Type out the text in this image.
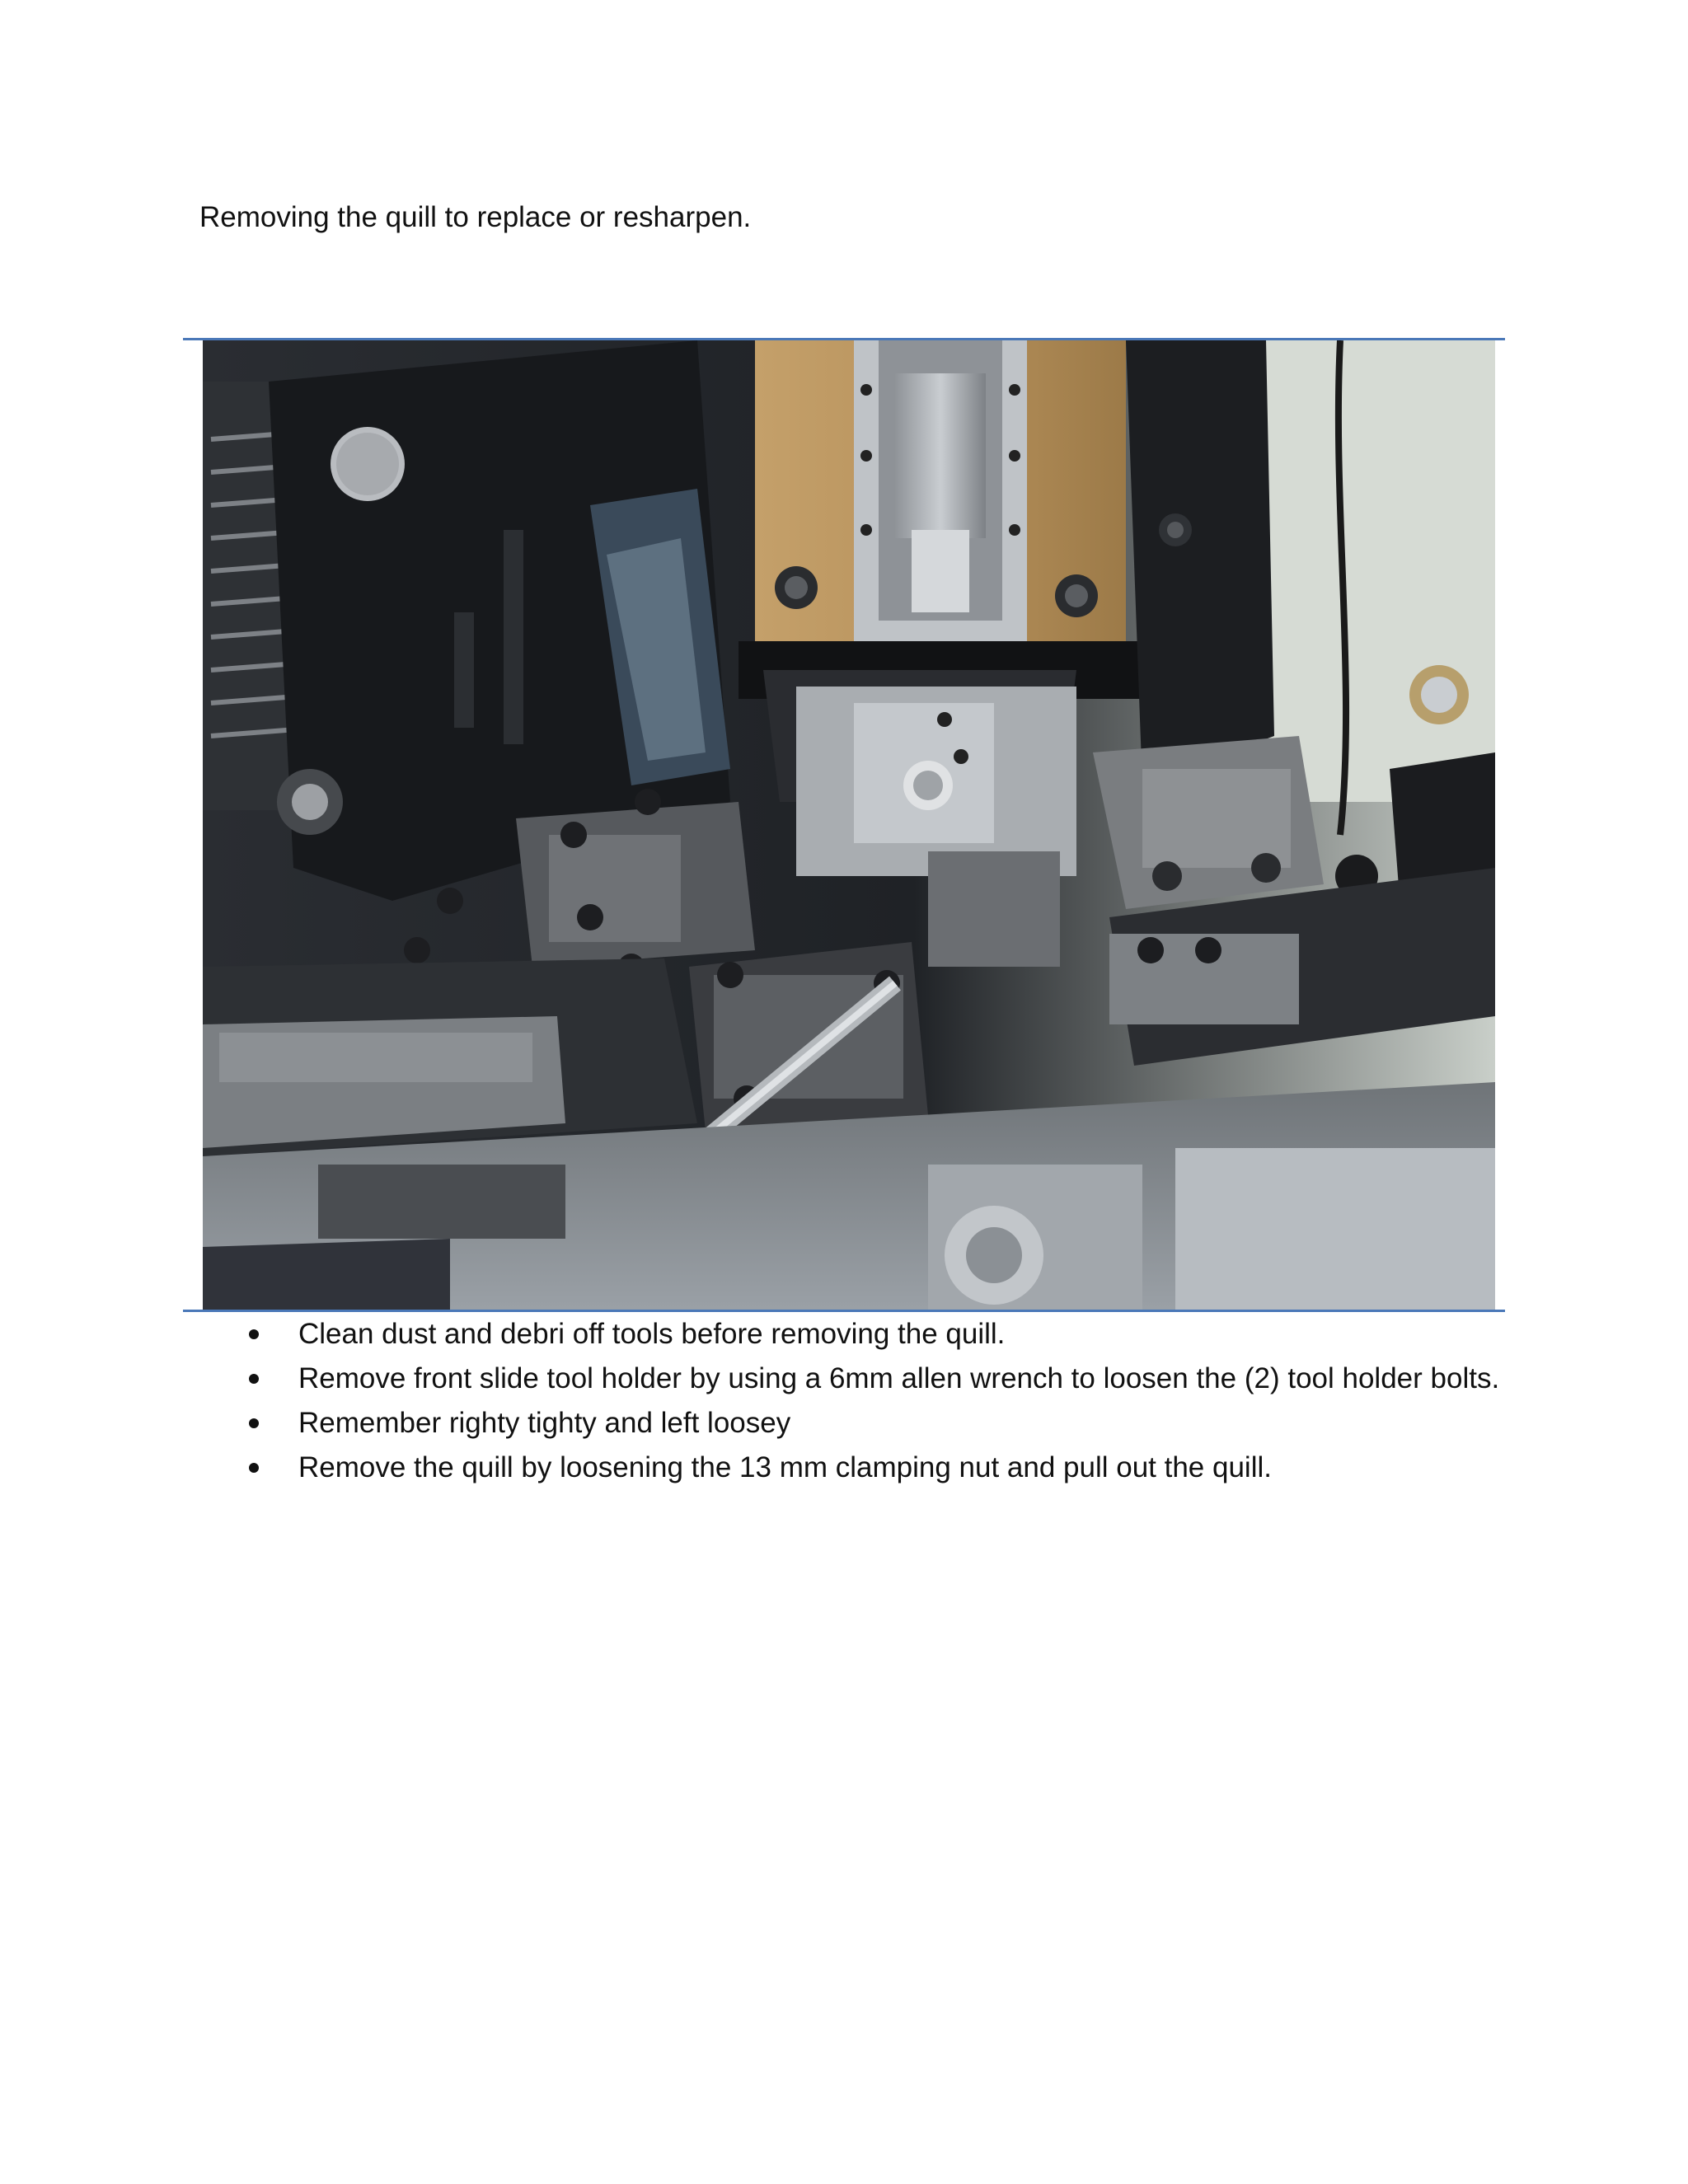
Removing the quill to replace or resharpen.
Clean dust and debri off tools before removing the quill.
Remove front slide tool holder by using a 6mm allen wrench to loosen the (2) tool holder bolts.
Remember righty tighty and left loosey
Remove the quill by loosening the 13 mm clamping nut and pull out the quill.
